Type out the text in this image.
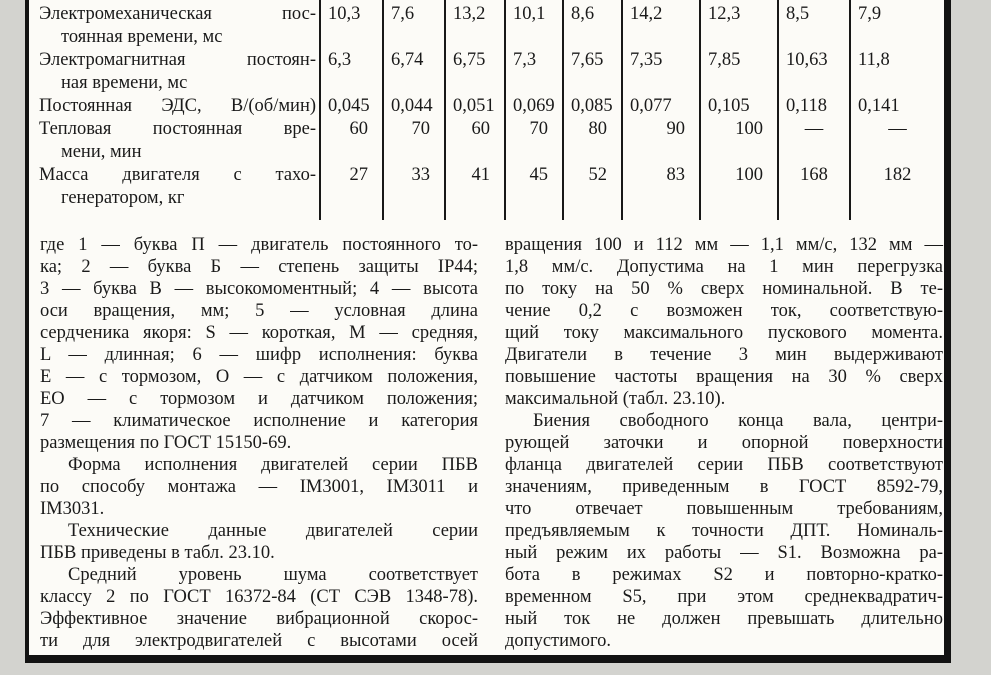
Электромеханическая пос-
тоянная времени, мс	10,3	7,6	13,2	10,1	8,6	14,2	12,3	8,5	7,9

Электромагнитная постоян-
ная времени, мс	6,3	6,74	6,75	7,3	7,65	7,35	7,85	10,63	11,8

Постоянная ЭДС, В/(об/мин)	0,045	0,044	0,051	0,069	0,085	0,077	0,105	0,118	0,141

Тепловая постоянная вре-
мени, мин	60	70	60	70	80	90	100	—	—

Масса двигателя с тахо-
генератором, кг	27	33	41	45	52	83	100	168	182
где 1 — буква П — двигатель постоянного то-
ка; 2 — буква Б — степень защиты IP44;
3 — буква В — высокомоментный; 4 — высота
оси вращения, мм; 5 — условная длина
сердченика якоря: S — короткая, М — средняя,
L — длинная; 6 — шифр исполнения: буква
Е — с тормозом, О — с датчиком положения,
ЕО — с тормозом и датчиком положения;
7 — климатическое исполнение и категория
размещения по ГОСТ 15150-69.
Форма исполнения двигателей серии ПБВ
по способу монтажа — IM3001, IM3011 и
IM3031.
Технические данные двигателей серии
ПБВ приведены в табл. 23.10.
Средний уровень шума соответствует
классу 2 по ГОСТ 16372-84 (СТ СЭВ 1348-78).
Эффективное значение вибрационной скорос-
ти для электродвигателей с высотами осей
вращения 100 и 112 мм — 1,1 мм/с, 132 мм —
1,8 мм/с. Допустима на 1 мин перегрузка
по току на 50 % сверх номинальной. В те-
чение 0,2 с возможен ток, соответствую-
щий току максимального пускового момента.
Двигатели в течение 3 мин выдерживают
повышение частоты вращения на 30 % сверх
максимальной (табл. 23.10).
Биения свободного конца вала, центри-
рующей заточки и опорной поверхности
фланца двигателей серии ПБВ соответствуют
значениям, приведенным в ГОСТ 8592-79,
что отвечает повышенным требованиям,
предъявляемым к точности ДПТ. Номиналь-
ный режим их работы — S1. Возможна ра-
бота в режимах S2 и повторно-кратко-
временном S5, при этом среднеквадратич-
ный ток не должен превышать длительно
допустимого.
